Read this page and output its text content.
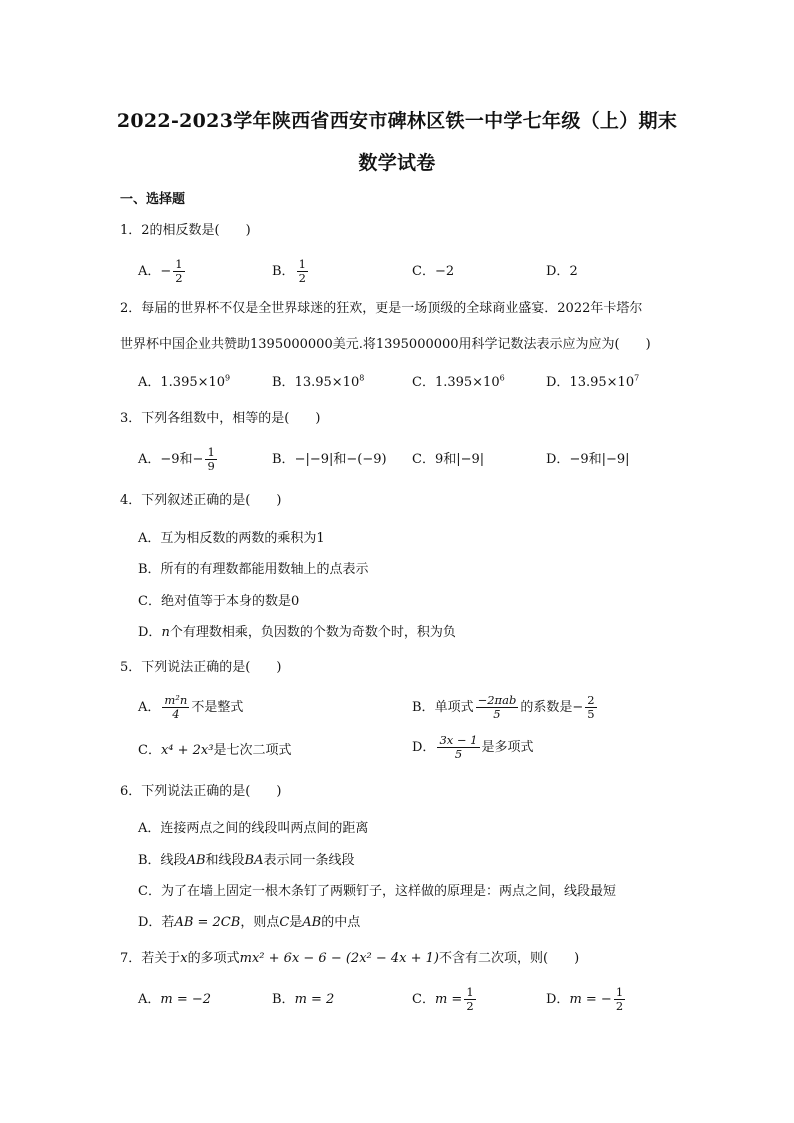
2022-2023学年陕西省西安市碑林区铁一中学七年级（上）期末
数学试卷
一、选择题
1．2的相反数是(　　)
A．− $\frac{1}{2}$	B． $\frac{1}{2}$	C．−2	D．2
2．每届的世界杯不仅是全世界球迷的狂欢，更是一场顶级的全球商业盛宴．2022年卡塔尔
世界杯中国企业共赞助1395000000美元.将1395000000用科学记数法表示应为应为(　　)
A．$1.395\times 10^9$	B．$13.95\times 10^8$	C．$1.395\times 10^6$	D．$13.95\times 10^7$
3．下列各组数中，相等的是(　　)
A．−9和− $\frac{1}{9}$	B．−|−9|和−(−9) C．9和|−9|	D．−9和|−9|
4．下列叙述正确的是(　　)
A．互为相反数的两数的乘积为1
B．所有的有理数都能用数轴上的点表示
C．绝对值等于本身的数是0
D．n个有理数相乘，负因数的个数为奇数个时，积为负
5．下列说法正确的是(　　)
A． $\frac{\text{m²n}}{4}$ 不是整式	B．单项式 $\frac{\text{−2πab}}{5}$ 的系数是− $\frac{2}{5}$
C．x⁴ + 2x³是七次二项式	D． $\frac{3x - 1}{5}$ 是多项式
6．下列说法正确的是(　　)
A．连接两点之间的线段叫两点间的距离
B．线段AB和线段BA表示同一条线段
C．为了在墙上固定一根木条钉了两颗钉子，这样做的原理是：两点之间，线段最短
D．若AB = 2CB，则点C是AB的中点
7．若关于x的多项式mx² + 6x − 6 − (2x² − 4x + 1)不含有二次项，则(　　)
A．m = −2	B．m = 2	C．$m = \frac{1}{2}$	D．m = − $\frac{1}{2}$
